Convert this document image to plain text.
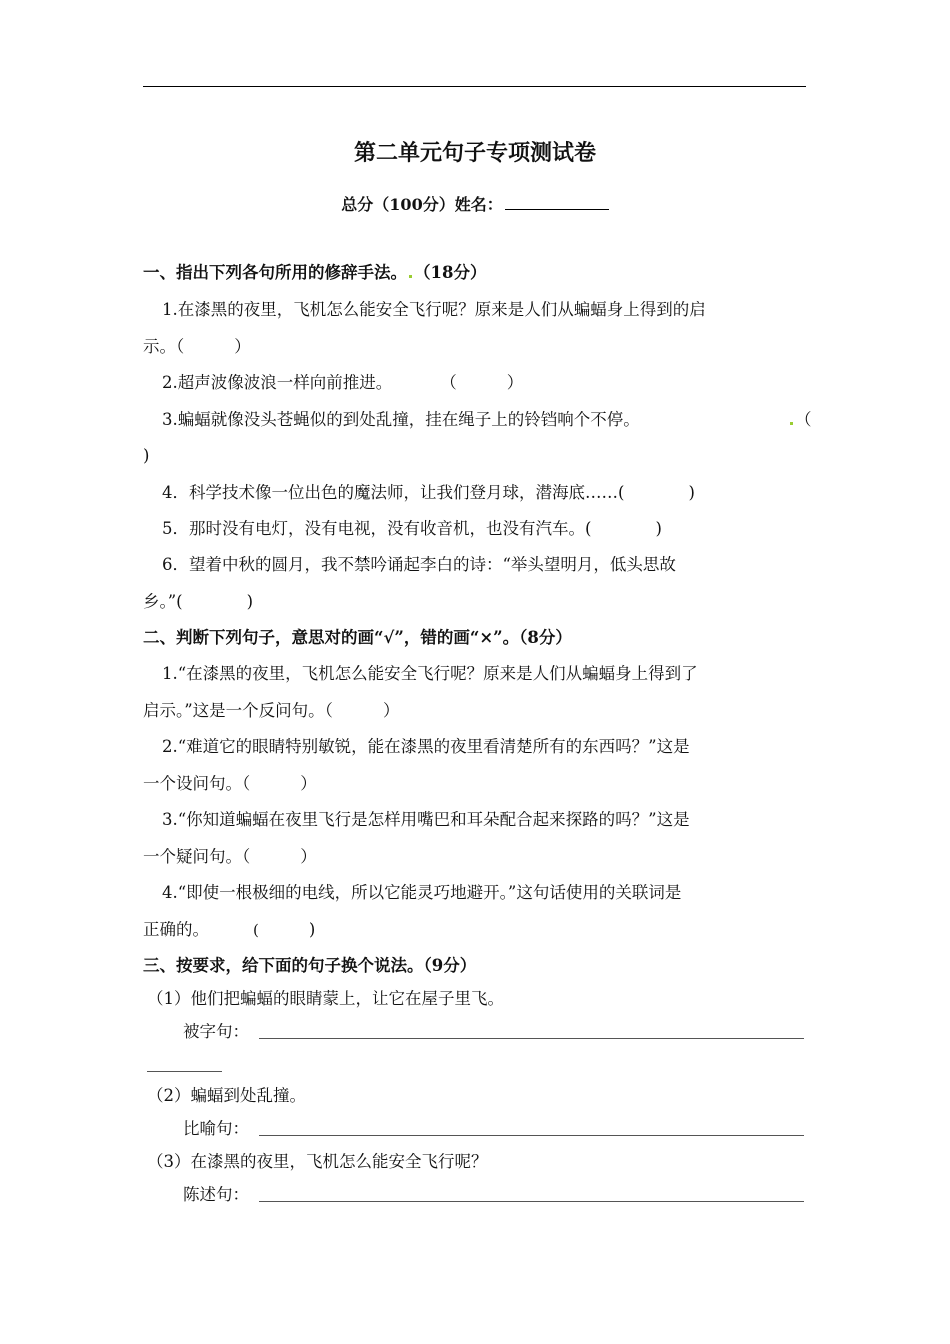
第二单元句子专项测试卷
总分（100分）姓名：
一、指出下列各句所用的修辞手法。 （18分）
1.在漆黑的夜里，飞机怎么能安全飞行呢？原来是人们从蝙蝠身上得到的启
示。（	）
2.超声波像波浪一样向前推进。	（	）
3.蝙蝠就像没头苍蝇似的到处乱撞，挂在绳子上的铃铛响个不停。	（
)
4．科学技术像一位出色的魔法师，让我们登月球，潜海底……(	)
5．那时没有电灯，没有电视，没有收音机，也没有汽车。(	)
6．望着中秋的圆月，我不禁吟诵起李白的诗：“举头望明月，低头思故
乡。”(	)
二、判断下列句子，意思对的画“√”，错的画“×”。（8分）
1.“在漆黑的夜里，飞机怎么能安全飞行呢？原来是人们从蝙蝠身上得到了
启示。”这是一个反问句。（	）
2.“难道它的眼睛特别敏锐，能在漆黑的夜里看清楚所有的东西吗？”这是
一个设问句。（	）
3.“你知道蝙蝠在夜里飞行是怎样用嘴巴和耳朵配合起来探路的吗？”这是
一个疑问句。（	）
4.“即使一根极细的电线，所以它能灵巧地避开。”这句话使用的关联词是
正确的。	(	)
三、按要求，给下面的句子换个说法。（9分）
（1）他们把蝙蝠的眼睛蒙上，让它在屋子里飞。
被字句：
（2）蝙蝠到处乱撞。
比喻句：
（3）在漆黑的夜里，飞机怎么能安全飞行呢？
陈述句：
